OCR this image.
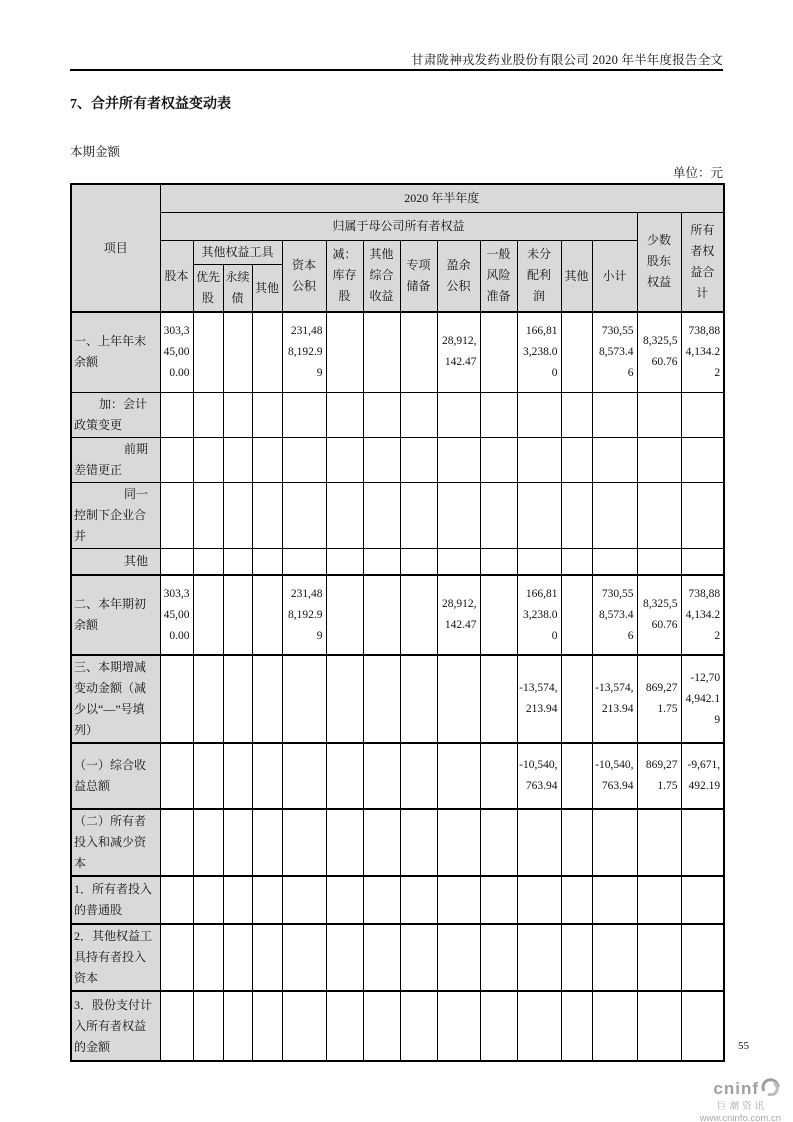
甘肃陇神戎发药业股份有限公司 2020 年半年度报告全文
7、合并所有者权益变动表
本期金额
单位：元
项目	2020 年半年度														
	归属于母公司所有者权益													少数股东权益	所有者权益合计
	股本	其他权益工具			资本公积	减：库存股	其他综合收益	专项储备	盈余公积	一般风险准备	未分配利润	其他	小计		
		优先股	永续债	其他											
一、上年年末余额	303,345,000.00				231,488,192.99				28,912,142.47		166,813,238.00		730,558,573.46	8,325,560.76	738,884,134.22
加：会计政策变更															
前期差错更正															
同一控制下企业合并															
其他															
二、本年期初余额	303,345,000.00				231,488,192.99				28,912,142.47		166,813,238.00		730,558,573.46	8,325,560.76	738,884,134.22
三、本期增减变动金额（减少以“—”号填列）											-13,574,213.94		-13,574,213.94	869,271.75	-12,704,942.19
（一）综合收益总额											-10,540,763.94		-10,540,763.94	869,271.75	-9,671,492.19
（二）所有者投入和减少资本															
1．所有者投入的普通股															
2．其他权益工具持有者投入资本															
3．股份支付计入所有者权益的金额																55
cninf
巨潮资讯
www.cninfo.com.cn
